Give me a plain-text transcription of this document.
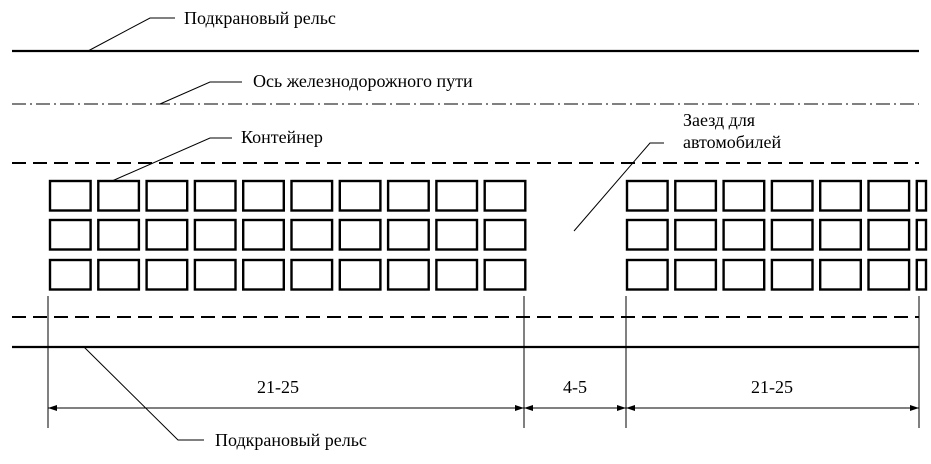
Подкрановый рельс
Ось железнодорожного пути
Контейнер
Заезд для автомобилей
Подкрановый рельс
21-25	4-5	21-25
